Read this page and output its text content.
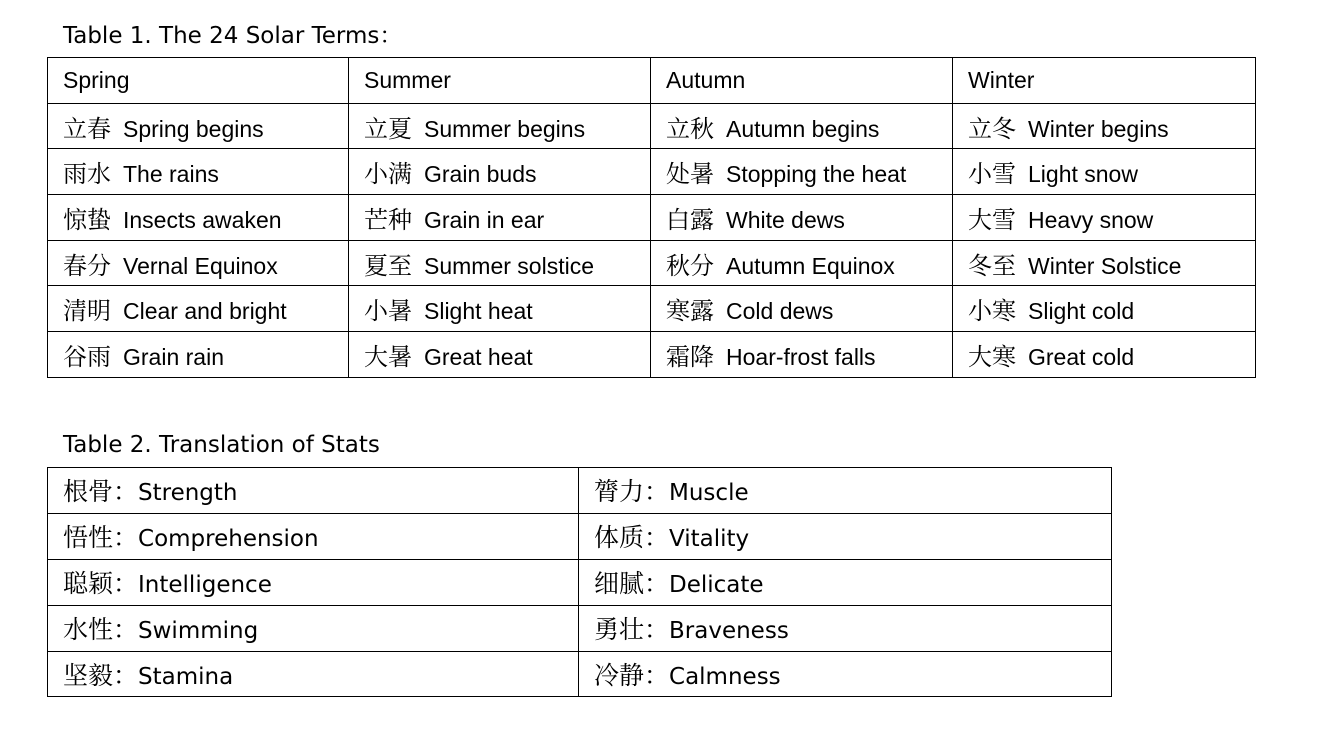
Table 1. The 24 Solar Terms：
Spring	Summer	Autumn	Winter
立春 Spring begins	立夏 Summer begins	立秋 Autumn begins	立冬 Winter begins
雨水 The rains	小满 Grain buds	处暑 Stopping the heat	小雪 Light snow
惊蛰 Insects awaken	芒种 Grain in ear	白露 White dews	大雪 Heavy snow
春分 Vernal Equinox	夏至 Summer solstice	秋分 Autumn Equinox	冬至 Winter Solstice
清明 Clear and bright	小暑 Slight heat	寒露 Cold dews	小寒 Slight cold
谷雨 Grain rain	大暑 Great heat	霜降 Hoar-frost falls	大寒 Great cold
Table 2. Translation of Stats
根骨：Strength	膂力：Muscle
悟性：Comprehension	体质：Vitality
聪颖：Intelligence	细腻：Delicate
水性：Swimming	勇壮：Braveness
坚毅：Stamina	冷静：Calmness
